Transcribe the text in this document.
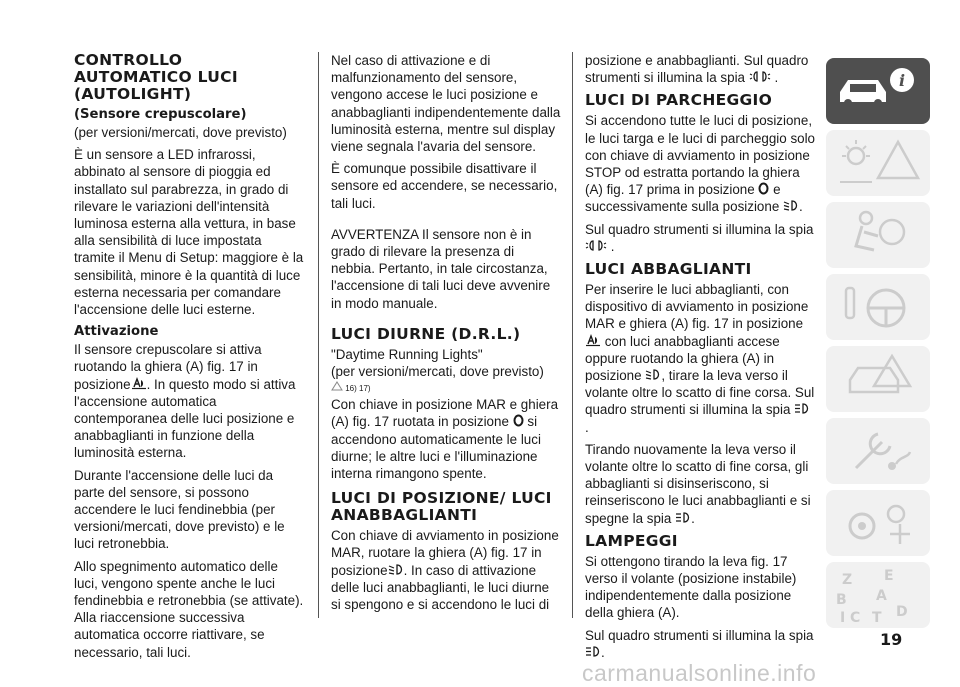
CONTROLLO AUTOMATICO LUCI (AUTOLIGHT)
(Sensore crepuscolare)

(per versioni/mercati, dove previsto)

È un sensore a LED infrarossi, abbinato al sensore di pioggia ed installato sul parabrezza, in grado di rilevare le variazioni dell'intensità luminosa esterna alla vettura, in base alla sensibilità di luce impostata tramite il Menu di Setup: maggiore è la sensibilità, minore è la quantità di luce esterna necessaria per comandare l'accensione delle luci esterne.

Attivazione

Il sensore crepuscolare si attiva ruotando la ghiera (A) fig. 17 in posizione . In questo modo si attiva l'accensione automatica contemporanea delle luci posizione e anabbaglianti in funzione della luminosità esterna.

Durante l'accensione delle luci da parte del sensore, si possono accendere le luci fendinebbia (per versioni/mercati, dove previsto) e le luci retronebbia.

Allo spegnimento automatico delle luci, vengono spente anche le luci fendinebbia e retronebbia (se attivate). Alla riaccensione successiva automatica occorre riattivare, se necessario, tali luci.

Nel caso di attivazione e di malfunzionamento del sensore, vengono accese le luci posizione e anabbaglianti indipendentemente dalla luminosità esterna, mentre sul display viene segnala l'avaria del sensore.

È comunque possibile disattivare il sensore ed accendere, se necessario, tali luci.

AVVERTENZA Il sensore non è in grado di rilevare la presenza di nebbia. Pertanto, in tale circostanza, l'accensione di tali luci deve avvenire in modo manuale.

LUCI DIURNE (D.R.L.)

"Daytime Running Lights"

(per versioni/mercati, dove previsto)

16) 17)

Con chiave in posizione MAR e ghiera (A) fig. 17 ruotata in posizione si accendono automaticamente le luci diurne; le altre luci e l'illuminazione interna rimangono spente.

LUCI DI POSIZIONE/ LUCI ANABBAGLIANTI

Con chiave di avviamento in posizione MAR, ruotare la ghiera (A) fig. 17 in posizione . In caso di attivazione delle luci anabbaglianti, le luci diurne si spengono e si accendono le luci di

posizione e anabbaglianti. Sul quadro strumenti si illumina la spia .

LUCI DI PARCHEGGIO

Si accendono tutte le luci di posizione, le luci targa e le luci di parcheggio solo con chiave di avviamento in posizione STOP od estratta portando la ghiera (A) fig. 17 prima in posizione e successivamente sulla posizione .

Sul quadro strumenti si illumina la spia  .

LUCI ABBAGLIANTI

Per inserire le luci abbaglianti, con dispositivo di avviamento in posizione MAR e ghiera (A) fig. 17 in posizione  con luci anabbaglianti accese oppure ruotando la ghiera (A) in posizione , tirare la leva verso il volante oltre lo scatto di fine corsa. Sul quadro strumenti si illumina la spia  .

Tirando nuovamente la leva verso il volante oltre lo scatto di fine corsa, gli abbaglianti si disinseriscono, si reinseriscono le luci anabbaglianti e si spegne la spia .

LAMPEGGI

Si ottengono tirando la leva fig. 17 verso il volante (posizione instabile) indipendentemente dalla posizione della ghiera (A).

Sul quadro strumenti si illumina la spia .

i
Z E
B A
C T D
I
19
carmanualsonline.info
